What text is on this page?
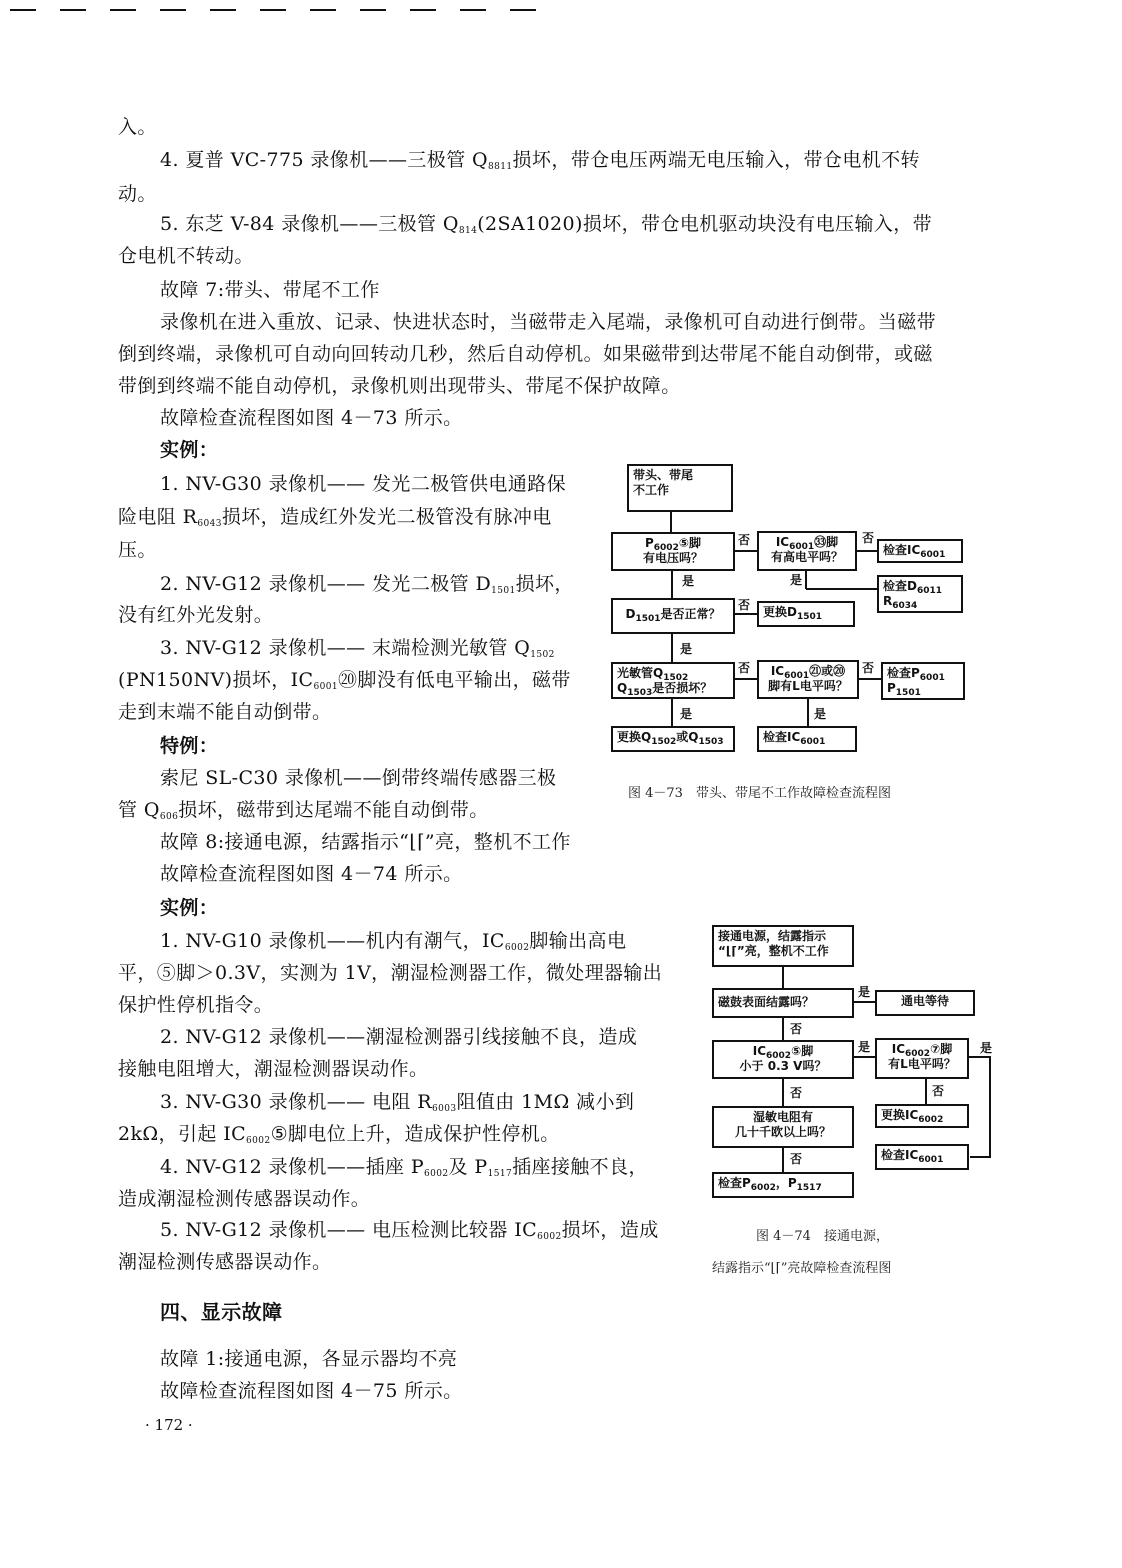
入。
4. 夏普 VC-775 录像机——三极管 $Q_{8811}$损坏，带仓电压两端无电压输入，带仓电机不转
动。
5. 东芝 V-84 录像机——三极管 $Q_{814}(2SA1020)$损坏，带仓电机驱动块没有电压输入，带
仓电机不转动。
故障 7:带头、带尾不工作
录像机在进入重放、记录、快进状态时，当磁带走入尾端，录像机可自动进行倒带。当磁带
倒到终端，录像机可自动向回转动几秒，然后自动停机。如果磁带到达带尾不能自动倒带，或磁
带倒到终端不能自动停机，录像机则出现带头、带尾不保护故障。
故障检查流程图如图 4－73 所示。
实例：
1. NV-G30 录像机—— 发光二极管供电通路保
险电阻 $R_{6043}$损坏，造成红外发光二极管没有脉冲电
压。
2. NV-G12 录像机—— 发光二极管 $D_{1501}$损坏，
没有红外光发射。
3. NV-G12 录像机—— 末端检测光敏管 $Q_{1502}$
(PN150NV)损坏，$IC_{6001}⑳$脚没有低电平输出，磁带
走到末端不能自动倒带。
特例：
索尼 SL-C30 录像机——倒带终端传感器三极
管 $Q_{606}$损坏，磁带到达尾端不能自动倒带。
故障 8:接通电源，结露指示“⌊⌈”亮，整机不工作
故障检查流程图如图 4－74 所示。
实例：
1. NV-G10 录像机——机内有潮气，$IC_{6002}$脚输出高电
平，⑤脚＞0.3V，实测为 1V，潮湿检测器工作，微处理器输出
保护性停机指令。
2. NV-G12 录像机——潮湿检测器引线接触不良，造成
接触电阻增大，潮湿检测器误动作。
3. NV-G30 录像机—— 电阻 $R_{6003}$阻值由 1MΩ 减小到
2kΩ，引起 $IC_{6002}⑤$脚电位上升，造成保护性停机。
4. NV-G12 录像机——插座 $P_{6002}$及 $P_{1517}$插座接触不良，
造成潮湿检测传感器误动作。
5. NV-G12 录像机—— 电压检测比较器 $IC_{6002}$损坏，造成
潮湿检测传感器误动作。
四、显示故障
故障 1:接通电源，各显示器均不亮
故障检查流程图如图 4－75 所示。
· 172 ·
带头、带尾
不工作
$P_{6002}⑤$脚
有电压吗？
$IC_{6001}㉝$脚
有高电平吗？	检查$IC_{6001}$
检查$D_{6011}$
$R_{6034}$
$D_{1501}$是否正常？	更换$D_{1501}$
光敏管$Q_{1502}$
$Q_{1503}$是否损坏？
$IC_{6001}㉑$或⑳
脚有L电平吗？
检查$P_{6001}$
$P_{1501}$
更换$Q_{1502}$或$Q_{1503}$	检查$IC_{6001}$
否	否
是	是
否
是
否	否
是	是
图 4－73　带头、带尾不工作故障检查流程图
接通电源，结露指示
“⌊⌈”亮，整机不工作
磁鼓表面结露吗？	通电等待
$IC_{6002}⑤$脚
小于 0.3 V吗？
$IC_{6002}⑦$脚
有L电平吗？
更换$IC_{6002}$
检查$IC_{6001}$
湿敏电阻有
几十千欧以上吗？
检查$P_{6002}$，$P_{1517}$
是
否
是	是
否	否
否
图 4－74　接通电源，
结露指示“⌊⌈”亮故障检查流程图
